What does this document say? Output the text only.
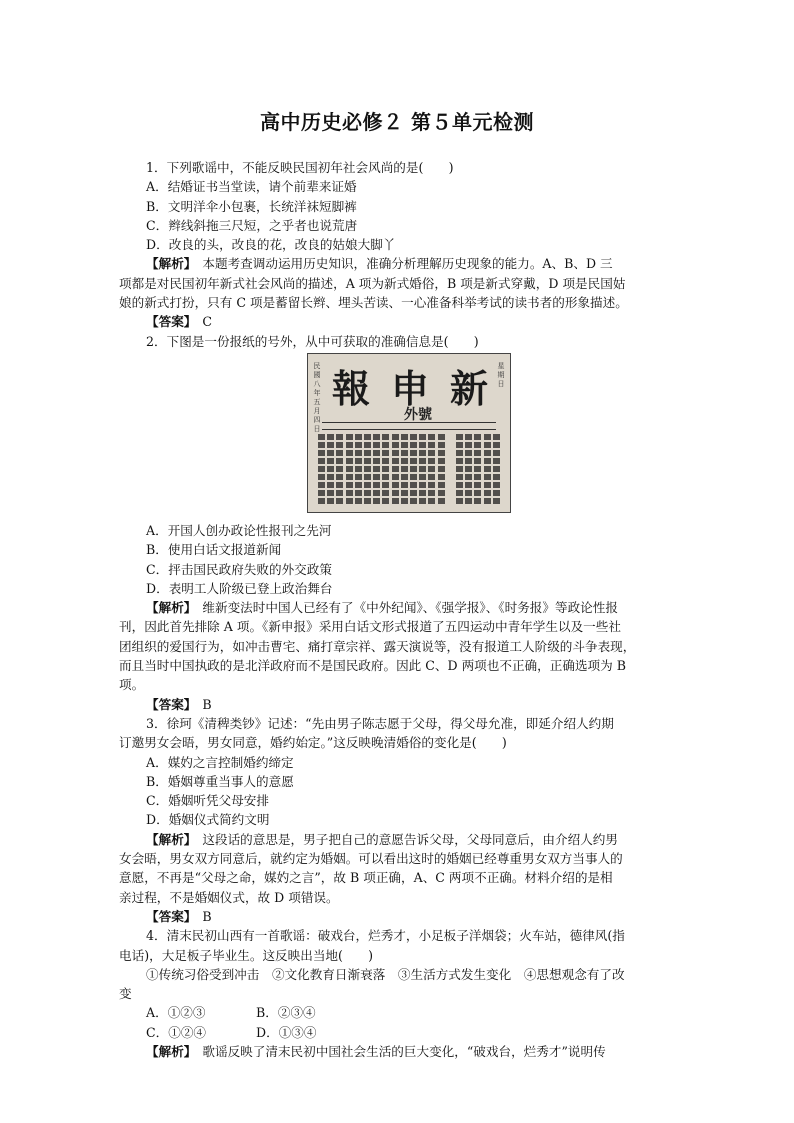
高中历史必修２ 第５单元检测
1．下列歌谣中，不能反映民国初年社会风尚的是(　　)
A．结婚证书当堂读，请个前辈来证婚
B．文明洋伞小包裹，长统洋袜短脚裤
C．辫线斜拖三尺短，之乎者也说荒唐
D．改良的头，改良的花，改良的姑娘大脚丫
【解析】 本题考查调动运用历史知识，准确分析理解历史现象的能力。A、B、D 三
项都是对民国初年新式社会风尚的描述，A 项为新式婚俗，B 项是新式穿戴，D 项是民国姑
娘的新式打扮，只有 C 项是蓄留长辫、埋头苦读、一心准备科举考试的读书者的形象描述。
【答案】 C
2．下图是一份报纸的号外，从中可获取的准确信息是(　　)
民國八年五月四日
星期日
新
申
報
外號
A．开国人创办政论性报刊之先河
B．使用白话文报道新闻
C．抨击国民政府失败的外交政策
D．表明工人阶级已登上政治舞台
【解析】 维新变法时中国人已经有了《中外纪闻》、《强学报》、《时务报》等政论性报
刊，因此首先排除 A 项。《新申报》采用白话文形式报道了五四运动中青年学生以及一些社
团组织的爱国行为，如冲击曹宅、痛打章宗祥、露天演说等，没有报道工人阶级的斗争表现，
而且当时中国执政的是北洋政府而不是国民政府。因此 C、D 两项也不正确，正确选项为 B
项。
【答案】 B
3．徐珂《清稗类钞》记述：“先由男子陈志愿于父母，得父母允准，即延介绍人约期
订邀男女会晤，男女同意，婚约始定。”这反映晚清婚俗的变化是(　　)
A．媒妁之言控制婚约缔定
B．婚姻尊重当事人的意愿
C．婚姻听凭父母安排
D．婚姻仪式简约文明
【解析】 这段话的意思是，男子把自己的意愿告诉父母，父母同意后，由介绍人约男
女会晤，男女双方同意后，就约定为婚姻。可以看出这时的婚姻已经尊重男女双方当事人的
意愿，不再是“父母之命，媒妁之言”，故 B 项正确，A、C 两项不正确。材料介绍的是相
亲过程，不是婚姻仪式，故 D 项错误。
【答案】 B
4．清末民初山西有一首歌谣：破戏台，烂秀才，小足板子洋烟袋；火车站，德律风(指
电话)，大足板子毕业生。这反映出当地(　　)
①传统习俗受到冲击　②文化教育日渐衰落　③生活方式发生变化　④思想观念有了改
变
A．①②③	B．②③④
C．①②④	D．①③④
【解析】 歌谣反映了清末民初中国社会生活的巨大变化，“破戏台，烂秀才”说明传
